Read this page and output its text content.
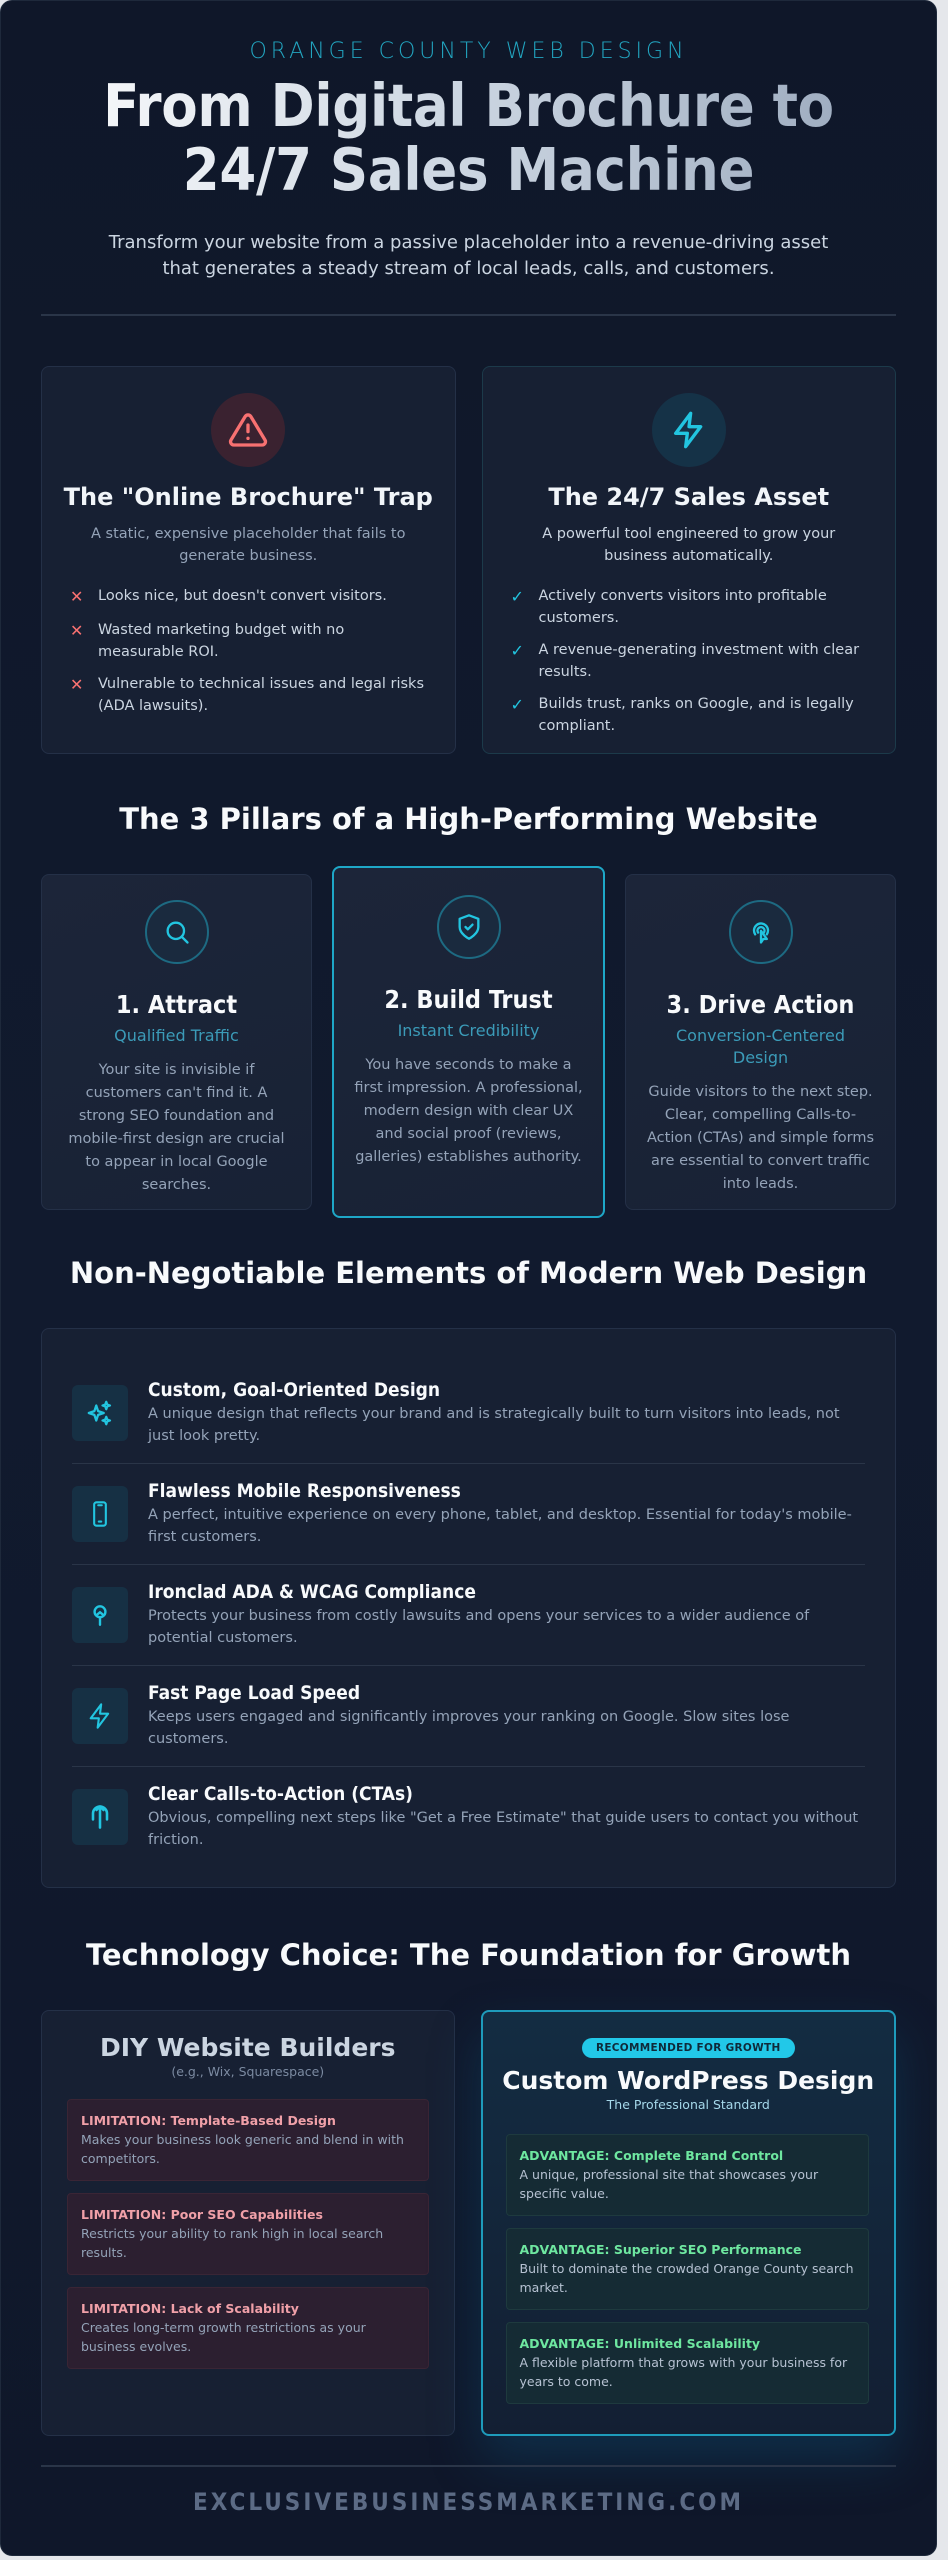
ORANGE COUNTY WEB DESIGN
From Digital Brochure to
24/7 Sales Machine

Transform your website from a passive placeholder into a revenue-driving asset that generates a steady stream of local leads, calls, and customers.

The "Online Brochure" Trap

A static, expensive placeholder that fails to generate business.

✕ Looks nice, but doesn't convert visitors.
✕ Wasted marketing budget with no measurable ROI.
✕ Vulnerable to technical issues and legal risks (ADA lawsuits).
The 24/7 Sales Asset

A powerful tool engineered to grow your business automatically.

✓ Actively converts visitors into profitable customers.
✓ A revenue-generating investment with clear results.
✓ Builds trust, ranks on Google, and is legally compliant.
The 3 Pillars of a High-Performing Website
1. Attract
Qualified Traffic

Your site is invisible if customers can't find it. A strong SEO foundation and mobile-first design are crucial to appear in local Google searches.

2. Build Trust
Instant Credibility

You have seconds to make a first impression. A professional, modern design with clear UX and social proof (reviews, galleries) establishes authority.

3. Drive Action
Conversion-Centered Design

Guide visitors to the next step. Clear, compelling Calls-to-Action (CTAs) and simple forms are essential to convert traffic into leads.

Non-Negotiable Elements of Modern Web Design
Custom, Goal-Oriented Design
A unique design that reflects your brand and is strategically built to turn visitors into leads, not just look pretty.
Flawless Mobile Responsiveness
A perfect, intuitive experience on every phone, tablet, and desktop. Essential for today's mobile-first customers.
Ironclad ADA & WCAG Compliance
Protects your business from costly lawsuits and opens your services to a wider audience of potential customers.
Fast Page Load Speed
Keeps users engaged and significantly improves your ranking on Google. Slow sites lose customers.
Clear Calls-to-Action (CTAs)
Obvious, compelling next steps like "Get a Free Estimate" that guide users to contact you without friction.
Technology Choice: The Foundation for Growth
DIY Website Builders
(e.g., Wix, Squarespace)
LIMITATION: Template-Based Design
Makes your business look generic and blend in with competitors.
LIMITATION: Poor SEO Capabilities
Restricts your ability to rank high in local search results.
LIMITATION: Lack of Scalability
Creates long-term growth restrictions as your business evolves.
RECOMMENDED FOR GROWTH
Custom WordPress Design
The Professional Standard
ADVANTAGE: Complete Brand Control
A unique, professional site that showcases your specific value.
ADVANTAGE: Superior SEO Performance
Built to dominate the crowded Orange County search market.
ADVANTAGE: Unlimited Scalability
A flexible platform that grows with your business for years to come.
EXCLUSIVEBUSINESSMARKETING.COM
